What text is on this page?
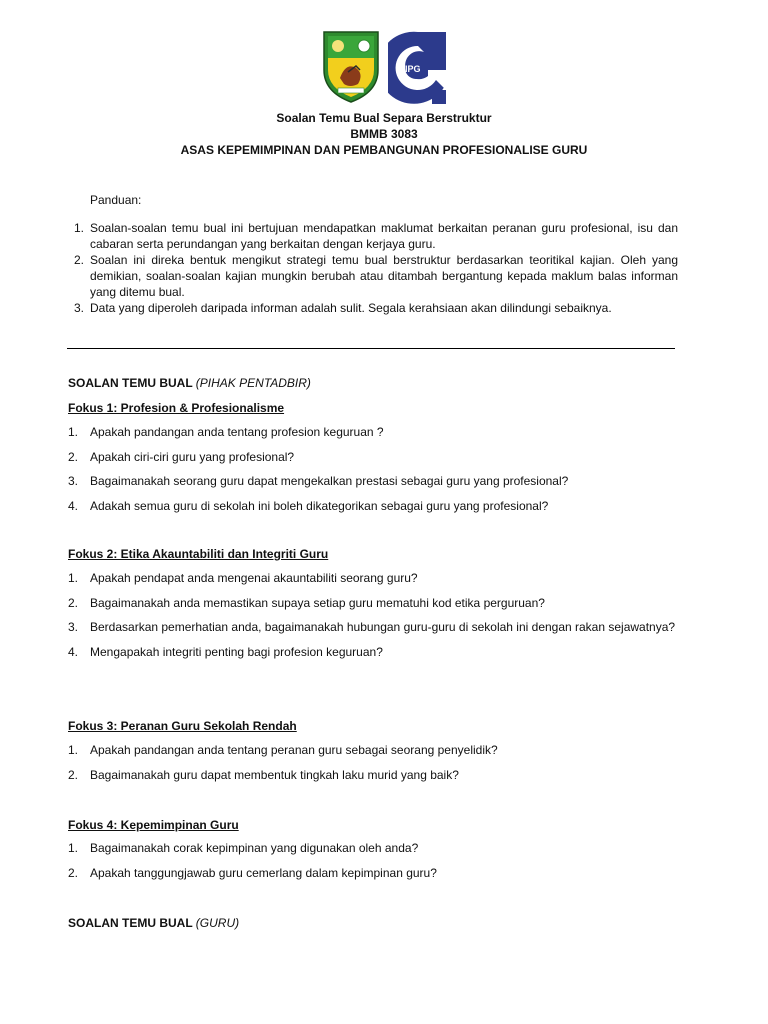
IPG
Soalan Temu Bual Separa Berstruktur
BMMB 3083
ASAS KEPEMIMPINAN DAN PEMBANGUNAN PROFESIONALISE GURU
Panduan:
1. Soalan-soalan temu bual ini bertujuan mendapatkan maklumat berkaitan peranan guru profesional, isu dan cabaran serta perundangan yang berkaitan dengan kerjaya guru.
2. Soalan ini direka bentuk mengikut strategi temu bual berstruktur berdasarkan teoritikal kajian. Oleh yang demikian, soalan-soalan kajian mungkin berubah atau ditambah bergantung kepada maklum balas informan yang ditemu bual.
3. Data yang diperoleh daripada informan adalah sulit. Segala kerahsiaan akan dilindungi sebaiknya.
SOALAN TEMU BUAL (PIHAK PENTADBIR)
Fokus 1: Profesion & Profesionalisme
1. Apakah pandangan anda tentang profesion keguruan ?
2. Apakah ciri-ciri guru yang profesional?
3. Bagaimanakah seorang guru dapat mengekalkan prestasi sebagai guru yang profesional?
4. Adakah semua guru di sekolah ini boleh dikategorikan sebagai guru yang profesional?
Fokus 2: Etika Akauntabiliti dan Integriti Guru
1. Apakah pendapat anda mengenai akauntabiliti seorang guru?
2. Bagaimanakah anda memastikan supaya setiap guru mematuhi kod etika perguruan?
3. Berdasarkan pemerhatian anda, bagaimanakah hubungan guru-guru di sekolah ini dengan rakan sejawatnya?
4. Mengapakah integriti penting bagi profesion keguruan?
Fokus 3: Peranan Guru Sekolah Rendah
1. Apakah pandangan anda tentang peranan guru sebagai seorang penyelidik?
2. Bagaimanakah guru dapat membentuk tingkah laku murid yang baik?
Fokus 4: Kepemimpinan Guru
1. Bagaimanakah corak kepimpinan yang digunakan oleh anda?
2. Apakah tanggungjawab guru cemerlang dalam kepimpinan guru?
SOALAN TEMU BUAL (GURU)
